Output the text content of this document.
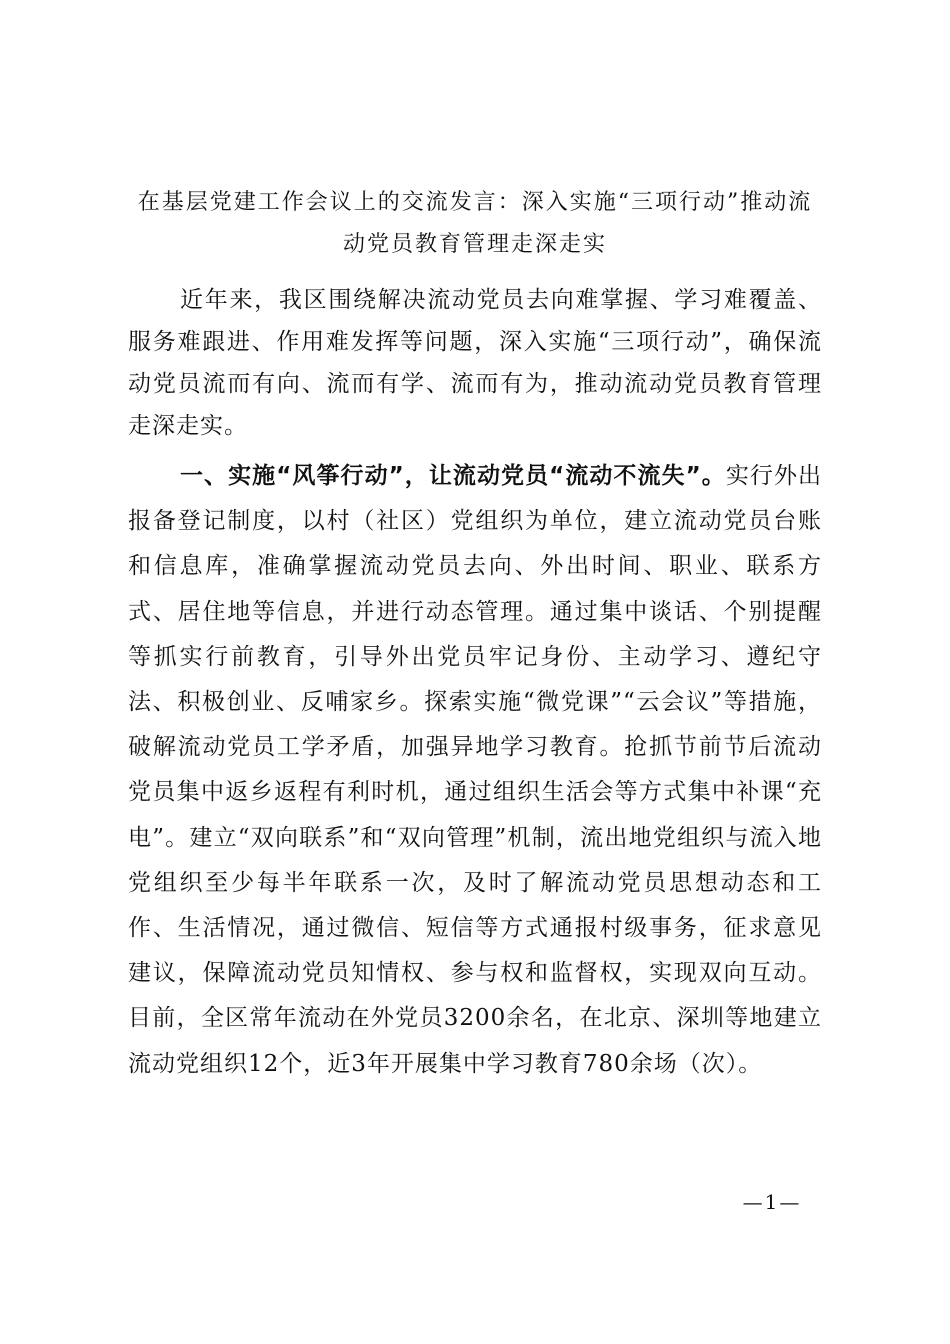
在基层党建工作会议上的交流发言：深入实施“三项行动”推动流动党员教育管理走深走实
近年来，我区围绕解决流动党员去向难掌握、学习难覆盖、服务难跟进、作用难发挥等问题，深入实施“三项行动”，确保流动党员流而有向、流而有学、流而有为，推动流动党员教育管理走深走实。
一、实施“风筝行动”，让流动党员“流动不流失”。实行外出报备登记制度，以村（社区）党组织为单位，建立流动党员台账和信息库，准确掌握流动党员去向、外出时间、职业、联系方式、居住地等信息，并进行动态管理。通过集中谈话、个别提醒等抓实行前教育，引导外出党员牢记身份、主动学习、遵纪守法、积极创业、反哺家乡。探索实施“微党课”“云会议”等措施，破解流动党员工学矛盾，加强异地学习教育。抢抓节前节后流动党员集中返乡返程有利时机，通过组织生活会等方式集中补课“充电”。建立“双向联系”和“双向管理”机制，流出地党组织与流入地党组织至少每半年联系一次，及时了解流动党员思想动态和工作、生活情况，通过微信、短信等方式通报村级事务，征求意见建议，保障流动党员知情权、参与权和监督权，实现双向互动。目前，全区常年流动在外党员3200余名，在北京、深圳等地建立流动党组织12个，近3年开展集中学习教育780余场（次）。
—1—
